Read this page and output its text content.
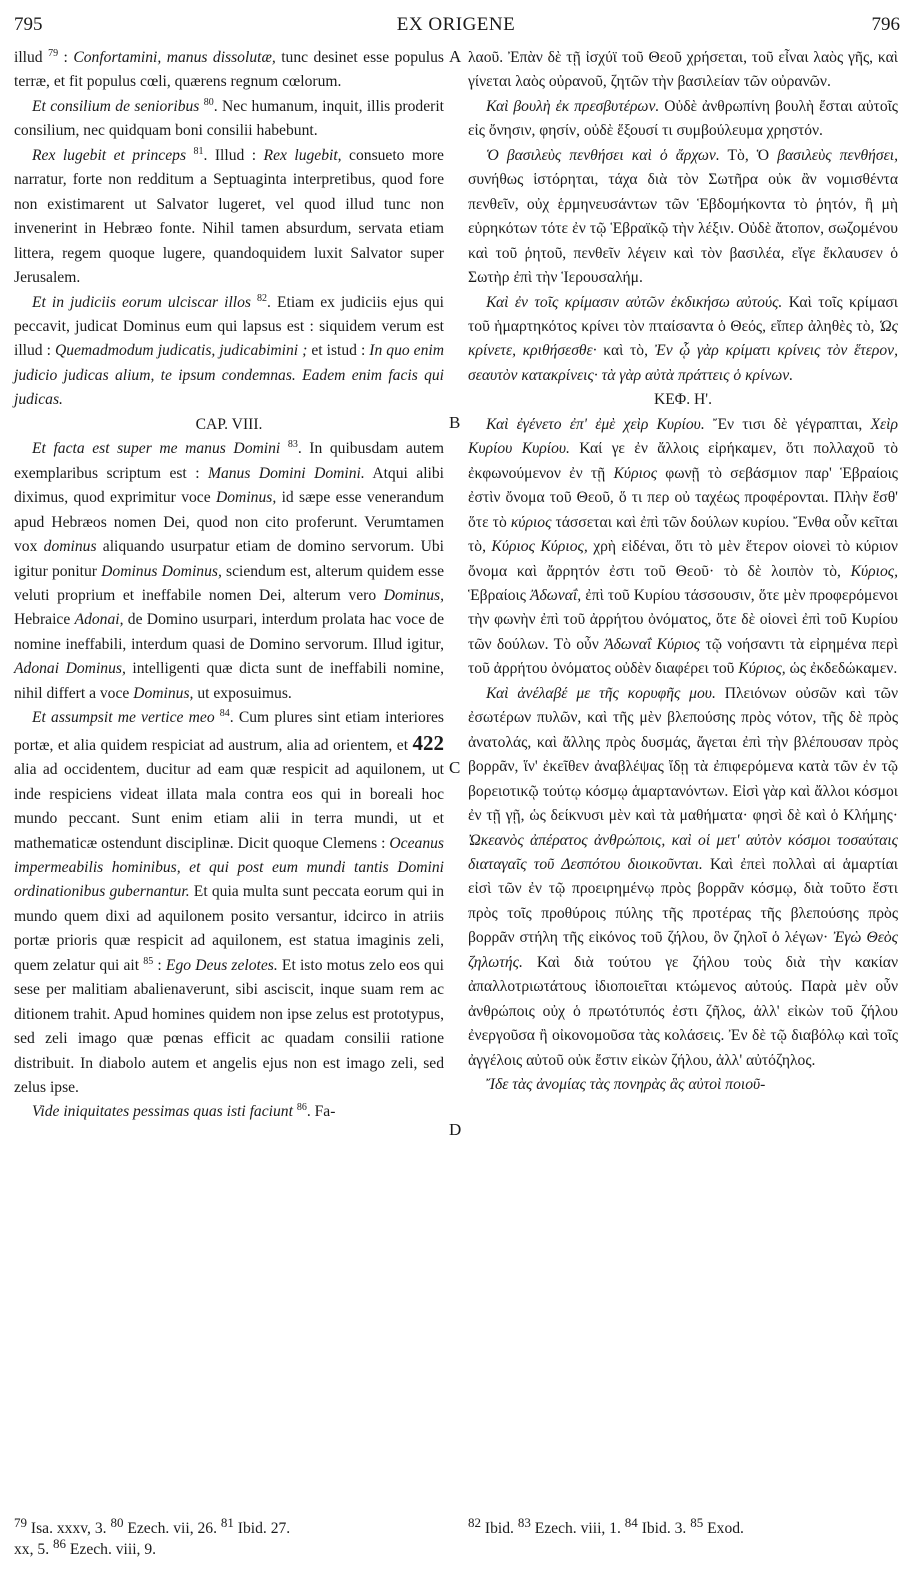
795	EX ORIGENE	796
A
B
C
D

illud $^{79}$ : Confortamini, manus dissolutæ, tunc desinet esse populus terræ, et fit populus cœli, quærens regnum cœlorum.

Et consilium de senioribus $^{80}$. Nec humanum, inquit, illis proderit consilium, nec quidquam boni consilii habebunt.

Rex lugebit et princeps $^{81}$. Illud : Rex lugebit, consueto more narratur, forte non redditum a Septuaginta interpretibus, quod fore non existimarent ut Salvator lugeret, vel quod illud tunc non invenerint in Hebræo fonte. Nihil tamen absurdum, servata etiam littera, regem quoque lugere, quandoquidem luxit Salvator super Jerusalem.

Et in judiciis eorum ulciscar illos $^{82}$. Etiam ex judiciis ejus qui peccavit, judicat Dominus eum qui lapsus est : siquidem verum est illud : Quemadmodum judicatis, judicabimini ; et istud : In quo enim judicio judicas alium, te ipsum condemnas. Eadem enim facis qui judicas.

CAP. VIII.

Et facta est super me manus Domini $^{83}$. In quibusdam autem exemplaribus scriptum est : Manus Domini Domini. Atqui alibi diximus, quod exprimitur voce Dominus, id sæpe esse venerandum apud Hebræos nomen Dei, quod non cito proferunt. Verumtamen vox dominus aliquando usurpatur etiam de domino servorum. Ubi igitur ponitur Dominus Dominus, sciendum est, alterum quidem esse veluti proprium et ineffabile nomen Dei, alterum vero Dominus, Hebraice Adonai, de Domino usurpari, interdum prolata hac voce de nomine ineffabili, interdum quasi de Domino servorum. Illud igitur, Adonai Dominus, intelligenti quæ dicta sunt de ineffabili nomine, nihil differt a voce Dominus, ut exposuimus.

Et assumpsit me vertice meo $^{84}$. Cum plures sint etiam interiores portæ, et alia quidem respiciat ad austrum, alia ad orientem, et 422 alia ad occidentem, ducitur ad eam quæ respicit ad aquilonem, ut inde respiciens videat illata mala contra eos qui in boreali hoc mundo peccant. Sunt enim etiam alii in terra mundi, ut et mathematicæ ostendunt disciplinæ. Dicit quoque Clemens : Oceanus impermeabilis hominibus, et qui post eum mundi tantis Domini ordinationibus gubernantur. Et quia multa sunt peccata eorum qui in mundo quem dixi ad aquilonem posito versantur, idcirco in atriis portæ prioris quæ respicit ad aquilonem, est statua imaginis zeli, quem zelatur qui ait $^{85}$ : Ego Deus zelotes. Et isto motus zelo eos qui sese per malitiam abalienaverunt, sibi asciscit, inque suam rem ac ditionem trahit. Apud homines quidem non ipse zelus est prototypus, sed zeli imago quæ pœnas efficit ac quadam consilii ratione distribuit. In diabolo autem et angelis ejus non est imago zeli, sed zelus ipse.

Vide iniquitates pessimas quas isti faciunt $^{86}$. Fa-

λαοῦ. Ἐπὰν δὲ τῇ ἰσχύϊ τοῦ Θεοῦ χρήσεται, τοῦ εἶναι λαὸς γῆς, καὶ γίνεται λαὸς οὐρανοῦ, ζητῶν τὴν βασιλείαν τῶν οὐρανῶν.

Καὶ βουλὴ ἐκ πρεσβυτέρων. Οὐδὲ ἀνθρωπίνη βουλὴ ἔσται αὐτοῖς εἰς ὄνησιν, φησίν, οὐδὲ ἕξουσί τι συμβούλευμα χρηστόν.

Ὁ βασιλεὺς πενθήσει καὶ ὁ ἄρχων. Τὸ, Ὁ βασιλεὺς πενθήσει, συνήθως ἱστόρηται, τάχα διὰ τὸν Σωτῆρα οὐκ ἂν νομισθέντα πενθεῖν, οὐχ ἑρμηνευσάντων τῶν Ἑβδομήκοντα τὸ ῥητόν, ἢ μὴ εὑρηκότων τότε ἐν τῷ Ἑβραϊκῷ τὴν λέξιν. Οὐδὲ ἄτοπον, σωζομένου καὶ τοῦ ῥητοῦ, πενθεῖν λέγειν καὶ τὸν βασιλέα, εἴγε ἔκλαυσεν ὁ Σωτὴρ ἐπὶ τὴν Ἱερουσαλήμ.

Καὶ ἐν τοῖς κρίμασιν αὐτῶν ἐκδικήσω αὐτούς. Καὶ τοῖς κρίμασι τοῦ ἡμαρτηκότος κρίνει τὸν πταίσαντα ὁ Θεός, εἴπερ ἀληθὲς τὸ, Ὡς κρίνετε, κριθήσεσθε· καὶ τὸ, Ἐν ᾧ γὰρ κρίματι κρίνεις τὸν ἕτερον, σεαυτὸν κατακρίνεις· τὰ γὰρ αὐτὰ πράττεις ὁ κρίνων.

ΚΕΦ. Η'.

Καὶ ἐγένετο ἐπ' ἐμὲ χεὶρ Κυρίου. Ἔν τισι δὲ γέγραπται, Χεὶρ Κυρίου Κυρίου. Καί γε ἐν ἄλλοις εἰρήκαμεν, ὅτι πολλαχοῦ τὸ ἐκφωνούμενον ἐν τῇ Κύριος φωνῇ τὸ σεβάσμιον παρ' Ἑβραίοις ἐστὶν ὄνομα τοῦ Θεοῦ, ὅ τι περ οὐ ταχέως προφέρονται. Πλὴν ἔσθ' ὅτε τὸ κύριος τάσσεται καὶ ἐπὶ τῶν δούλων κυρίου. Ἔνθα οὖν κεῖται τὸ, Κύριος Κύριος, χρὴ εἰδέναι, ὅτι τὸ μὲν ἕτερον οἱονεὶ τὸ κύριον ὄνομα καὶ ἄρρητόν ἐστι τοῦ Θεοῦ· τὸ δὲ λοιπὸν τὸ, Κύριος, Ἑβραίοις Ἀδωναΐ, ἐπὶ τοῦ Κυρίου τάσσουσιν, ὅτε μὲν προφερόμενοι τὴν φωνὴν ἐπὶ τοῦ ἀρρήτου ὀνόματος, ὅτε δὲ οἱονεὶ ἐπὶ τοῦ Κυρίου τῶν δούλων. Τὸ οὖν Ἀδωναΐ Κύριος τῷ νοήσαντι τὰ εἰρημένα περὶ τοῦ ἀρρήτου ὀνόματος οὐδὲν διαφέρει τοῦ Κύριος, ὡς ἐκδεδώκαμεν.

Καὶ ἀνέλαβέ με τῆς κορυφῆς μου. Πλειόνων οὐσῶν καὶ τῶν ἐσωτέρων πυλῶν, καὶ τῆς μὲν βλεπούσης πρὸς νότον, τῆς δὲ πρὸς ἀνατολάς, καὶ ἄλλης πρὸς δυσμάς, ἄγεται ἐπὶ τὴν βλέπουσαν πρὸς βορρᾶν, ἵν' ἐκεῖθεν ἀναβλέψας ἴδῃ τὰ ἐπιφερόμενα κατὰ τῶν ἐν τῷ βορειοτικῷ τούτῳ κόσμῳ ἁμαρτανόντων. Εἰσὶ γὰρ καὶ ἄλλοι κόσμοι ἐν τῇ γῇ, ὡς δείκνυσι μὲν καὶ τὰ μαθήματα· φησὶ δὲ καὶ ὁ Κλήμης· Ὠκεανὸς ἀπέρατος ἀνθρώποις, καὶ οἱ μετ' αὐτὸν κόσμοι τοσαύταις διαταγαῖς τοῦ Δεσπότου διοικοῦνται. Καὶ ἐπεὶ πολλαὶ αἱ ἁμαρτίαι εἰσὶ τῶν ἐν τῷ προειρημένῳ πρὸς βορρᾶν κόσμῳ, διὰ τοῦτο ἔστι πρὸς τοῖς προθύροις πύλης τῆς προτέρας τῆς βλεπούσης πρὸς βορρᾶν στήλη τῆς εἰκόνος τοῦ ζήλου, ὃν ζηλοῖ ὁ λέγων· Ἐγὼ Θεὸς ζηλωτής. Καὶ διὰ τούτου γε ζήλου τοὺς διὰ τὴν κακίαν ἀπαλλοτριωτάτους ἰδιοποιεῖται κτώμενος αὐτούς. Παρὰ μὲν οὖν ἀνθρώποις οὐχ ὁ πρωτότυπός ἐστι ζῆλος, ἀλλ' εἰκὼν τοῦ ζήλου ἐνεργοῦσα ἢ οἰκονομοῦσα τὰς κολάσεις. Ἐν δὲ τῷ διαβόλῳ καὶ τοῖς ἀγγέλοις αὐτοῦ οὐκ ἔστιν εἰκὼν ζήλου, ἀλλ' αὐτόζηλος.

Ἴδε τὰς ἀνομίας τὰς πονηρὰς ἃς αὐτοὶ ποιοῦ-

$^{79}$ Isa. xxxv, 3. $^{80}$ Ezech. vii, 26. $^{81}$ Ibid. 27.	$^{82}$ Ibid. $^{83}$ Ezech. viii, 1. $^{84}$ Ibid. 3. $^{85}$ Exod.
xx, 5. $^{86}$ Ezech. viii, 9.
